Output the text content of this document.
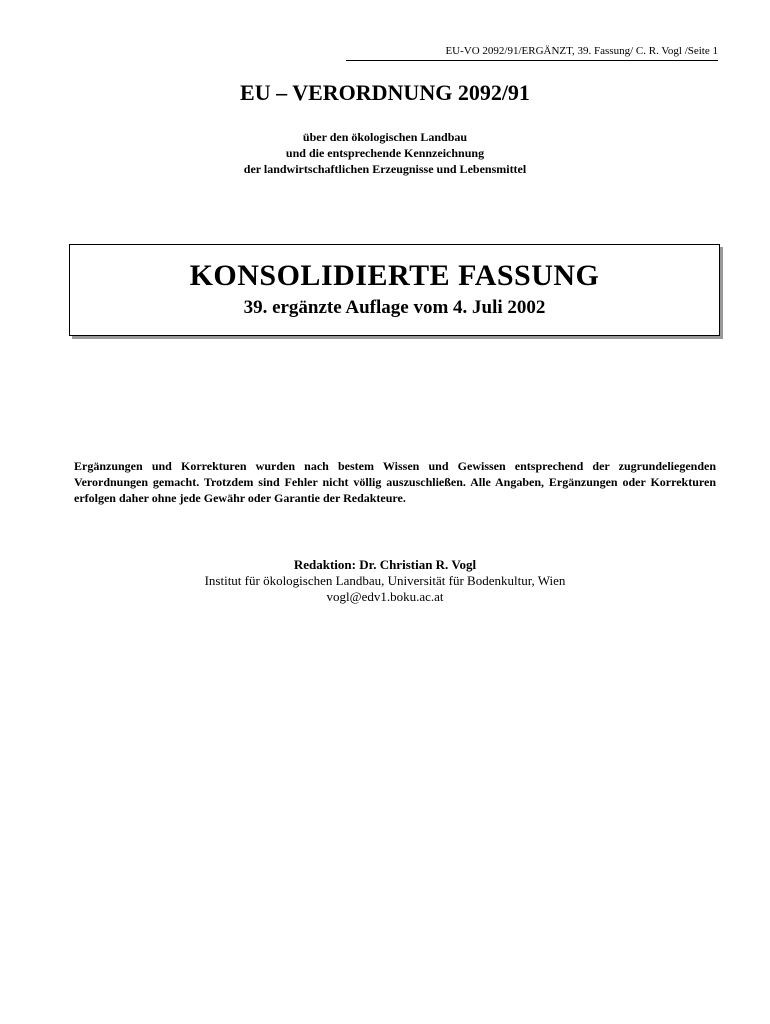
EU-VO 2092/91/ERGÄNZT, 39. Fassung/ C. R. Vogl /Seite 1
EU – VERORDNUNG 2092/91
über den ökologischen Landbau
und die entsprechende Kennzeichnung
der landwirtschaftlichen Erzeugnisse und Lebensmittel
KONSOLIDIERTE FASSUNG
39. ergänzte Auflage vom 4. Juli 2002
Ergänzungen und Korrekturen wurden nach bestem Wissen und Gewissen entsprechend der zugrundeliegenden Verordnungen gemacht. Trotzdem sind Fehler nicht völlig auszuschließen. Alle Angaben, Ergänzungen oder Korrekturen erfolgen daher ohne jede Gewähr oder Garantie der Redakteure.
Redaktion: Dr. Christian R. Vogl
Institut für ökologischen Landbau, Universität für Bodenkultur, Wien
vogl@edv1.boku.ac.at
